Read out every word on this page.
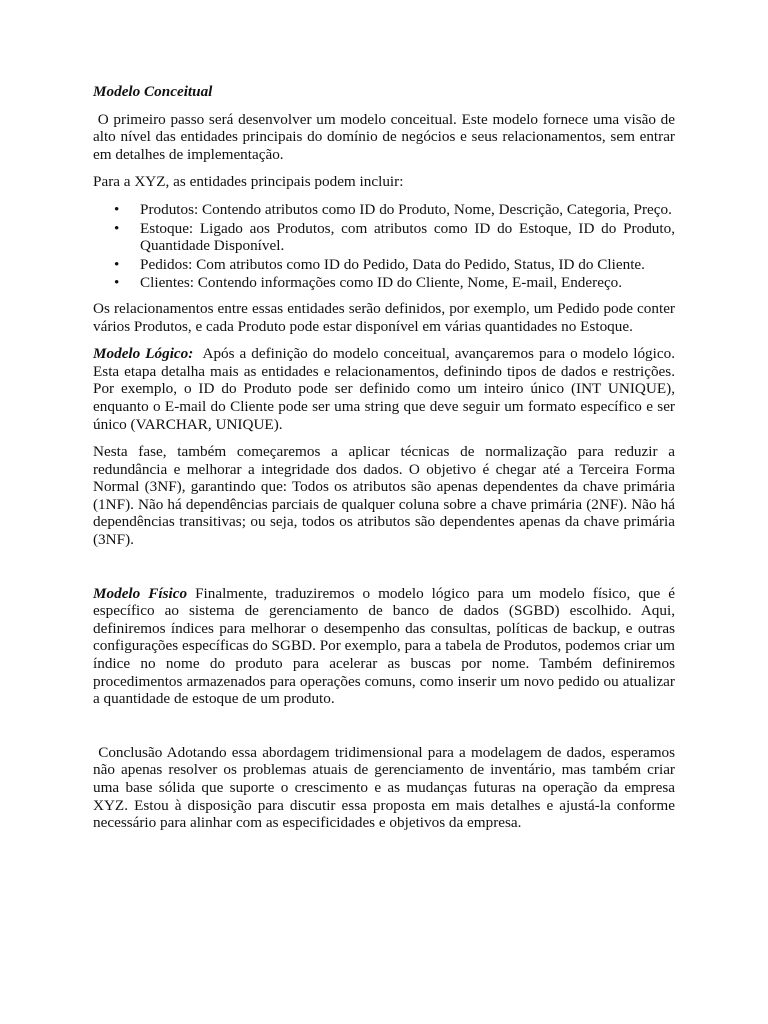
Modelo Conceitual

O primeiro passo será desenvolver um modelo conceitual. Este modelo fornece uma visão de alto nível das entidades principais do domínio de negócios e seus relacionamentos, sem entrar em detalhes de implementação.

Para a XYZ, as entidades principais podem incluir:

• Produtos: Contendo atributos como ID do Produto, Nome, Descrição, Categoria, Preço.
• Estoque: Ligado aos Produtos, com atributos como ID do Estoque, ID do Produto, Quantidade Disponível.
• Pedidos: Com atributos como ID do Pedido, Data do Pedido, Status, ID do Cliente.
• Clientes: Contendo informações como ID do Cliente, Nome, E-mail, Endereço.

Os relacionamentos entre essas entidades serão definidos, por exemplo, um Pedido pode conter vários Produtos, e cada Produto pode estar disponível em várias quantidades no Estoque.

Modelo Lógico:  Após a definição do modelo conceitual, avançaremos para o modelo lógico. Esta etapa detalha mais as entidades e relacionamentos, definindo tipos de dados e restrições. Por exemplo, o ID do Produto pode ser definido como um inteiro único (INT UNIQUE), enquanto o E-mail do Cliente pode ser uma string que deve seguir um formato específico e ser único (VARCHAR, UNIQUE).

Nesta fase, também começaremos a aplicar técnicas de normalização para reduzir a redundância e melhorar a integridade dos dados. O objetivo é chegar até a Terceira Forma Normal (3NF), garantindo que: Todos os atributos são apenas dependentes da chave primária (1NF). Não há dependências parciais de qualquer coluna sobre a chave primária (2NF). Não há dependências transitivas; ou seja, todos os atributos são dependentes apenas da chave primária (3NF).

Modelo Físico Finalmente, traduziremos o modelo lógico para um modelo físico, que é específico ao sistema de gerenciamento de banco de dados (SGBD) escolhido. Aqui, definiremos índices para melhorar o desempenho das consultas, políticas de backup, e outras configurações específicas do SGBD. Por exemplo, para a tabela de Produtos, podemos criar um índice no nome do produto para acelerar as buscas por nome. Também definiremos procedimentos armazenados para operações comuns, como inserir um novo pedido ou atualizar a quantidade de estoque de um produto.

Conclusão Adotando essa abordagem tridimensional para a modelagem de dados, esperamos não apenas resolver os problemas atuais de gerenciamento de inventário, mas também criar uma base sólida que suporte o crescimento e as mudanças futuras na operação da empresa XYZ. Estou à disposição para discutir essa proposta em mais detalhes e ajustá-la conforme necessário para alinhar com as especificidades e objetivos da empresa.
